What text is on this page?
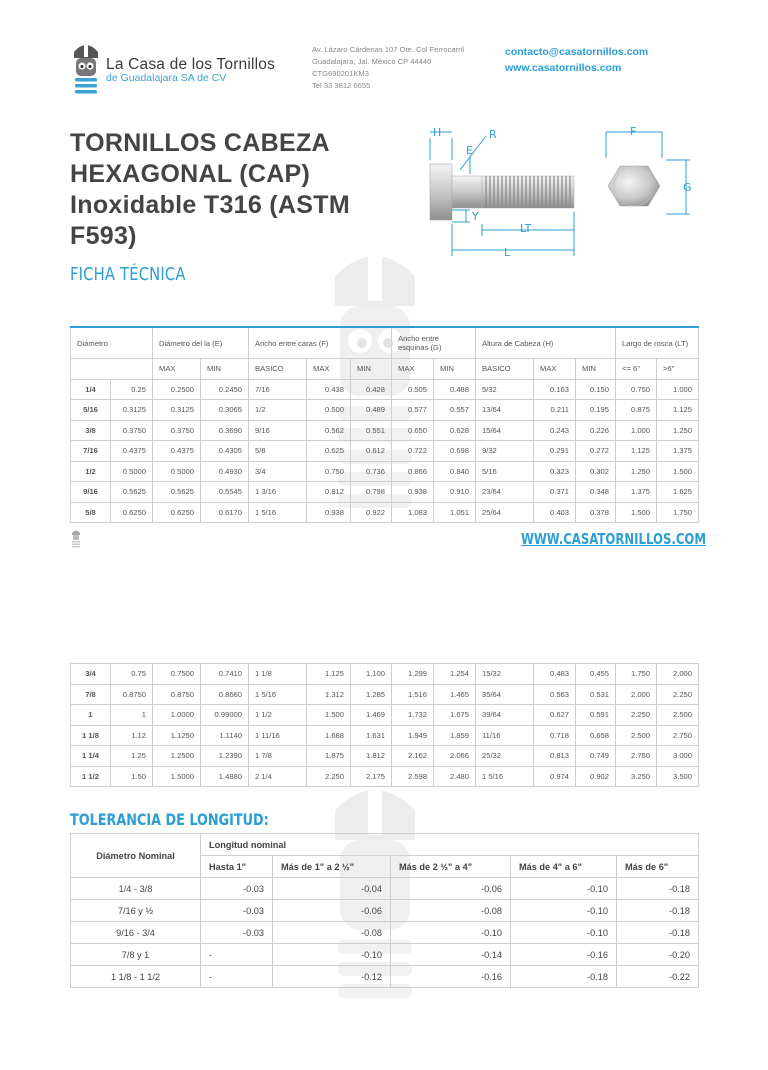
La Casa de los Tornillos
de Guadalajara SA de CV
Av. Lázaro Cárdenas 107 Ote. Col Ferrocarril
Guadalajara, Jal. México CP 44440
CTG690201KM3
Tel 33 3812 6655
contacto@casatornillos.com
www.casatornillos.com
TORNILLOS CABEZA
HEXAGONAL (CAP)
Inoxidable T316 (ASTM
F593)
FICHA TÉCNICA
H	R
E
Y
LT
L
F
G
Diámetro		Diámetro del la (E)		Ancho entre caras (F)			Ancho entre esquinas (G)		Altura de Cabeza (H)			Largo de rosca (LT)	
		MAX	MIN	BASICO	MAX	MIN	MAX	MIN	BASICO	MAX	MIN	<= 6"	>6"
1/4	0.25	0.2500	0.2450	7/16	0.438	0.428	0.505	0.488	5/32	0.163	0.150	0.750	1.000
5/16	0.3125	0.3125	0.3065	1/2	0.500	0.489	0.577	0.557	13/64	0.211	0.195	0.875	1.125
3/8	0.3750	0.3750	0.3690	9/16	0.562	0.551	0.650	0.628	15/64	0.243	0.226	1.000	1.250
7/16	0.4375	0.4375	0.4305	5/8	0.625	0.612	0.722	0.698	9/32	0.291	0.272	1.125	1.375
1/2	0.5000	0.5000	0.4930	3/4	0.750	0.736	0.866	0.840	5/16	0.323	0.302	1.250	1.500
9/16	0.5625	0.5625	0.5545	1 3/16	0.812	0.798	0.938	0.910	23/64	0.371	0.348	1.375	1.625
5/8	0.6250	0.6250	0.6170	1 5/16	0.938	0.922	1.083	1.051	25/64	0.403	0.378	1.500	1.750
WWW.CASATORNILLOS.COM
3/4	0.75	0.7500	0.7410	1 1/8	1.125	1.100	1.299	1.254	15/32	0.483	0.455	1.750	2.000
7/8	0.8750	0.8750	0.8660	1 5/16	1.312	1.285	1.516	1.465	35/64	0.563	0.531	2.000	2.250
1	1	1.0000	0.99000	1 1/2	1.500	1.469	1.732	1.675	39/64	0.627	0.591	2.250	2.500
1 1/8	1.12	1.1250	1.1140	1 11/16	1.688	1.631	1.949	1.859	11/16	0.718	0.658	2.500	2.750
1 1/4	1.25	1.2500	1.2390	1 7/8	1.875	1.812	2.162	2.066	25/32	0.813	0.749	2.750	3.000
1 1/2	1.50	1.5000	1.4880	2 1/4	2.250	2.175	2.598	2.480	1 5/16	0.974	0.902	3.250	3.500
TOLERANCIA DE LONGITUD:
Diámetro Nominal	Longitud nominal				
	Hasta 1"	Más de 1" a 2 ½"	Más de 2 ½" a 4"	Más de 4" a 6"	Más de 6"
1/4 - 3/8	-0.03	-0.04	-0.06	-0.10	-0.18
7/16 y ½	-0.03	-0.06	-0.08	-0.10	-0.18
9/16 - 3/4	-0.03	-0.08	-0.10	-0.10	-0.18
7/8 y 1	-	-0.10	-0.14	-0.16	-0.20
1 1/8 - 1 1/2	-	-0.12	-0.16	-0.18	-0.22
